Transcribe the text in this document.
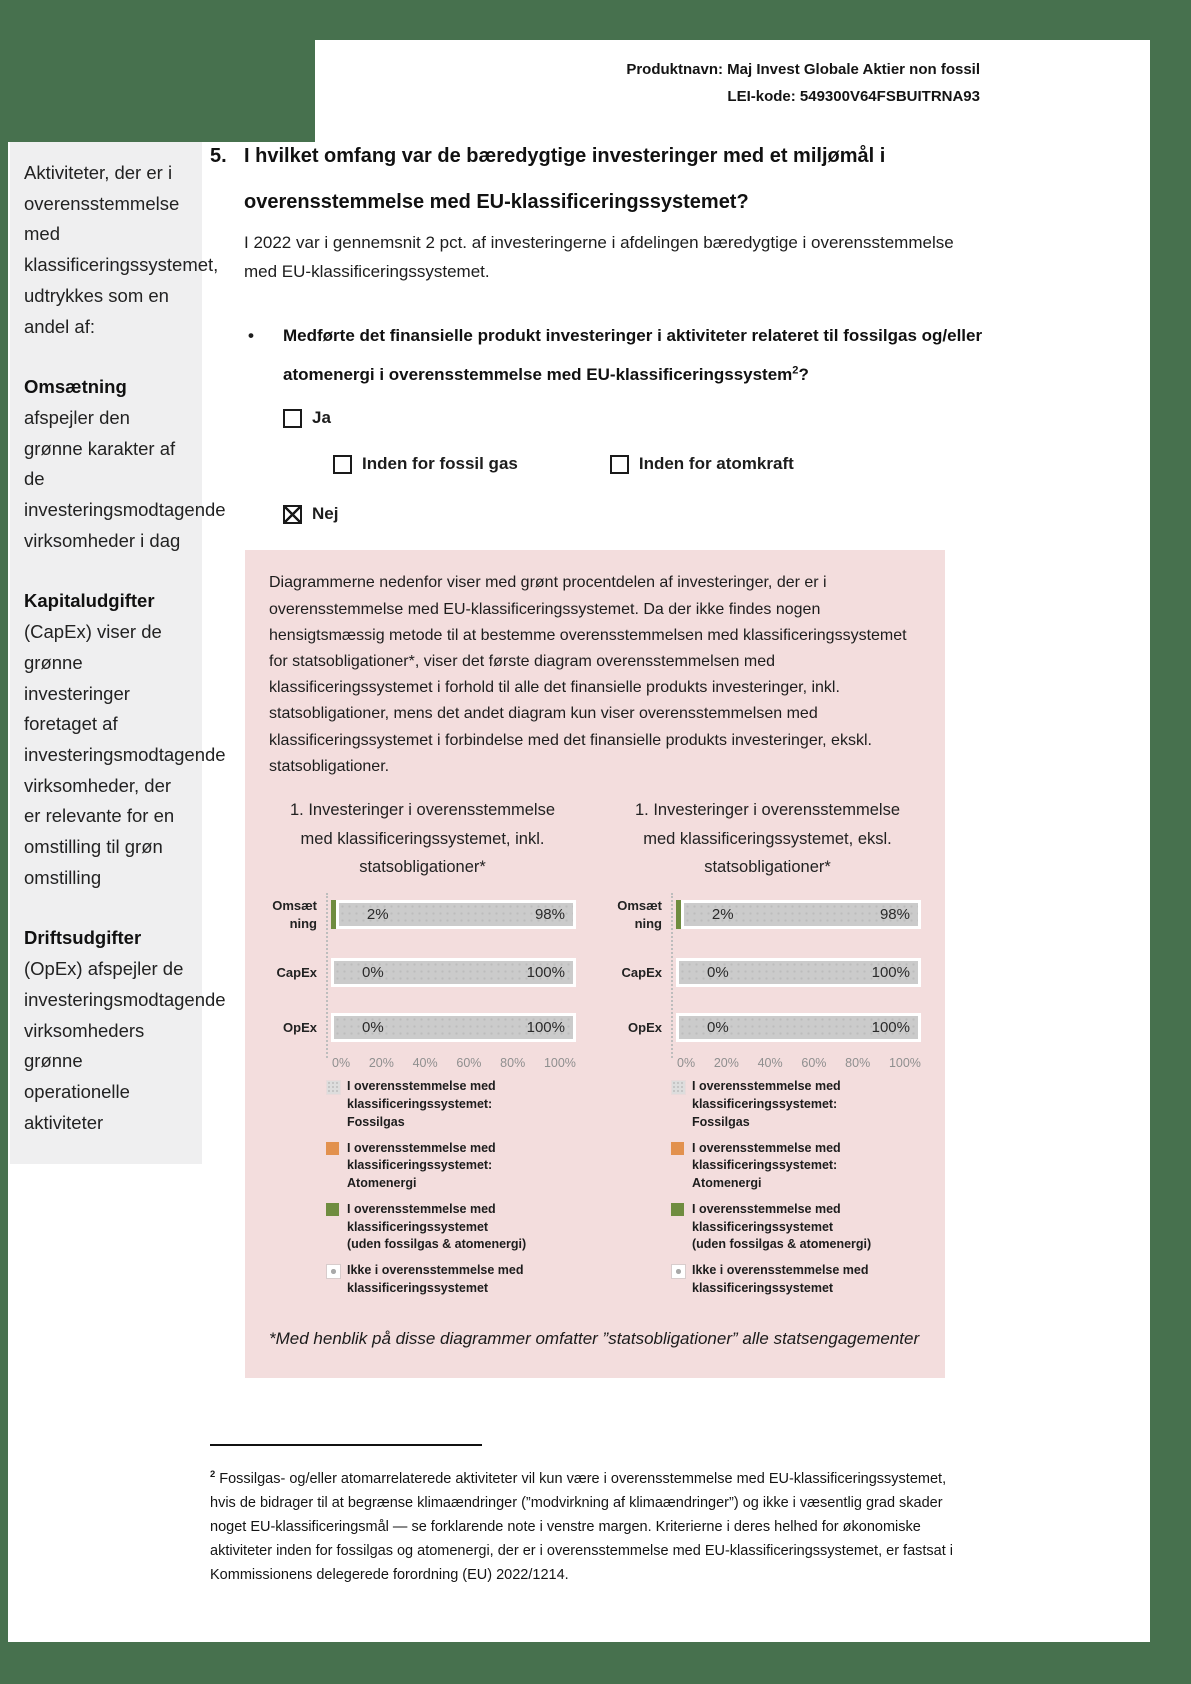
Produktnavn: Maj Invest Globale Aktier non fossil
LEI-kode: 549300V64FSBUITRNA93

Aktiviteter, der er i overensstemmelse med klassificeringssystemet, udtrykkes som en andel af:

Omsætning afspejler den grønne karakter af de investeringsmodtagende virksomheder i dag

Kapitaludgifter (CapEx) viser de grønne investeringer foretaget af investeringsmodtagende virksomheder, der er relevante for en omstilling til grøn omstilling

Driftsudgifter (OpEx) afspejler de investeringsmodtagende virksomheders grønne operationelle aktiviteter

5. I hvilket omfang var de bæredygtige investeringer med et miljømål i overensstemmelse med EU-klassificeringssystemet?

I 2022 var i gennemsnit 2 pct. af investeringerne i afdelingen bæredygtige i overensstemmelse med EU-klassificeringssystemet.

•	Medførte det finansielle produkt investeringer i aktiviteter relateret til fossilgas og/eller atomenergi i overensstemmelse med EU-klassificeringssystem$^2$?
Ja
Inden for fossil gas	Inden for atomkraft
Nej

Diagrammerne nedenfor viser med grønt procentdelen af investeringer, der er i overensstemmelse med EU-klassificeringssystemet. Da der ikke findes nogen hensigtsmæssig metode til at bestemme overensstemmelsen med klassificeringssystemet for statsobligationer*, viser det første diagram overensstemmelsen med klassificeringssystemet i forhold til alle det finansielle produkts investeringer, inkl. statsobligationer, mens det andet diagram kun viser overensstemmelsen med klassificeringssystemet i forbindelse med det finansielle produkts investeringer, ekskl. statsobligationer.

1. Investeringer i overensstemmelse med klassificeringssystemet, inkl. statsobligationer*
Omsætning	2%	98%
CapEx	0%	100%
OpEx	0%	100%
0% 20% 40% 60% 80% 100%
I overensstemmelse med klassificeringssystemet:
Fossilgas
I overensstemmelse med klassificeringssystemet:
Atomenergi
I overensstemmelse med klassificeringssystemet
(uden fossilgas & atomenergi)
Ikke i overensstemmelse med
klassificeringssystemet
1. Investeringer i overensstemmelse med klassificeringssystemet, eksl. statsobligationer*
Omsætning	2%	98%
CapEx	0%	100%
OpEx	0%	100%
0% 20% 40% 60% 80% 100%
I overensstemmelse med klassificeringssystemet:
Fossilgas
I overensstemmelse med klassificeringssystemet:
Atomenergi
I overensstemmelse med klassificeringssystemet
(uden fossilgas & atomenergi)
Ikke i overensstemmelse med
klassificeringssystemet

*Med henblik på disse diagrammer omfatter ”statsobligationer” alle statsengagementer

$^2$ Fossilgas- og/eller atomarrelaterede aktiviteter vil kun være i overensstemmelse med EU-klassificeringssystemet, hvis de bidrager til at begrænse klimaændringer (”modvirkning af klimaændringer”) og ikke i væsentlig grad skader noget EU-klassificeringsmål — se forklarende note i venstre margen. Kriterierne i deres helhed for økonomiske aktiviteter inden for fossilgas og atomenergi, der er i overensstemmelse med EU-klassificeringssystemet, er fastsat i Kommissionens delegerede forordning (EU) 2022/1214.
